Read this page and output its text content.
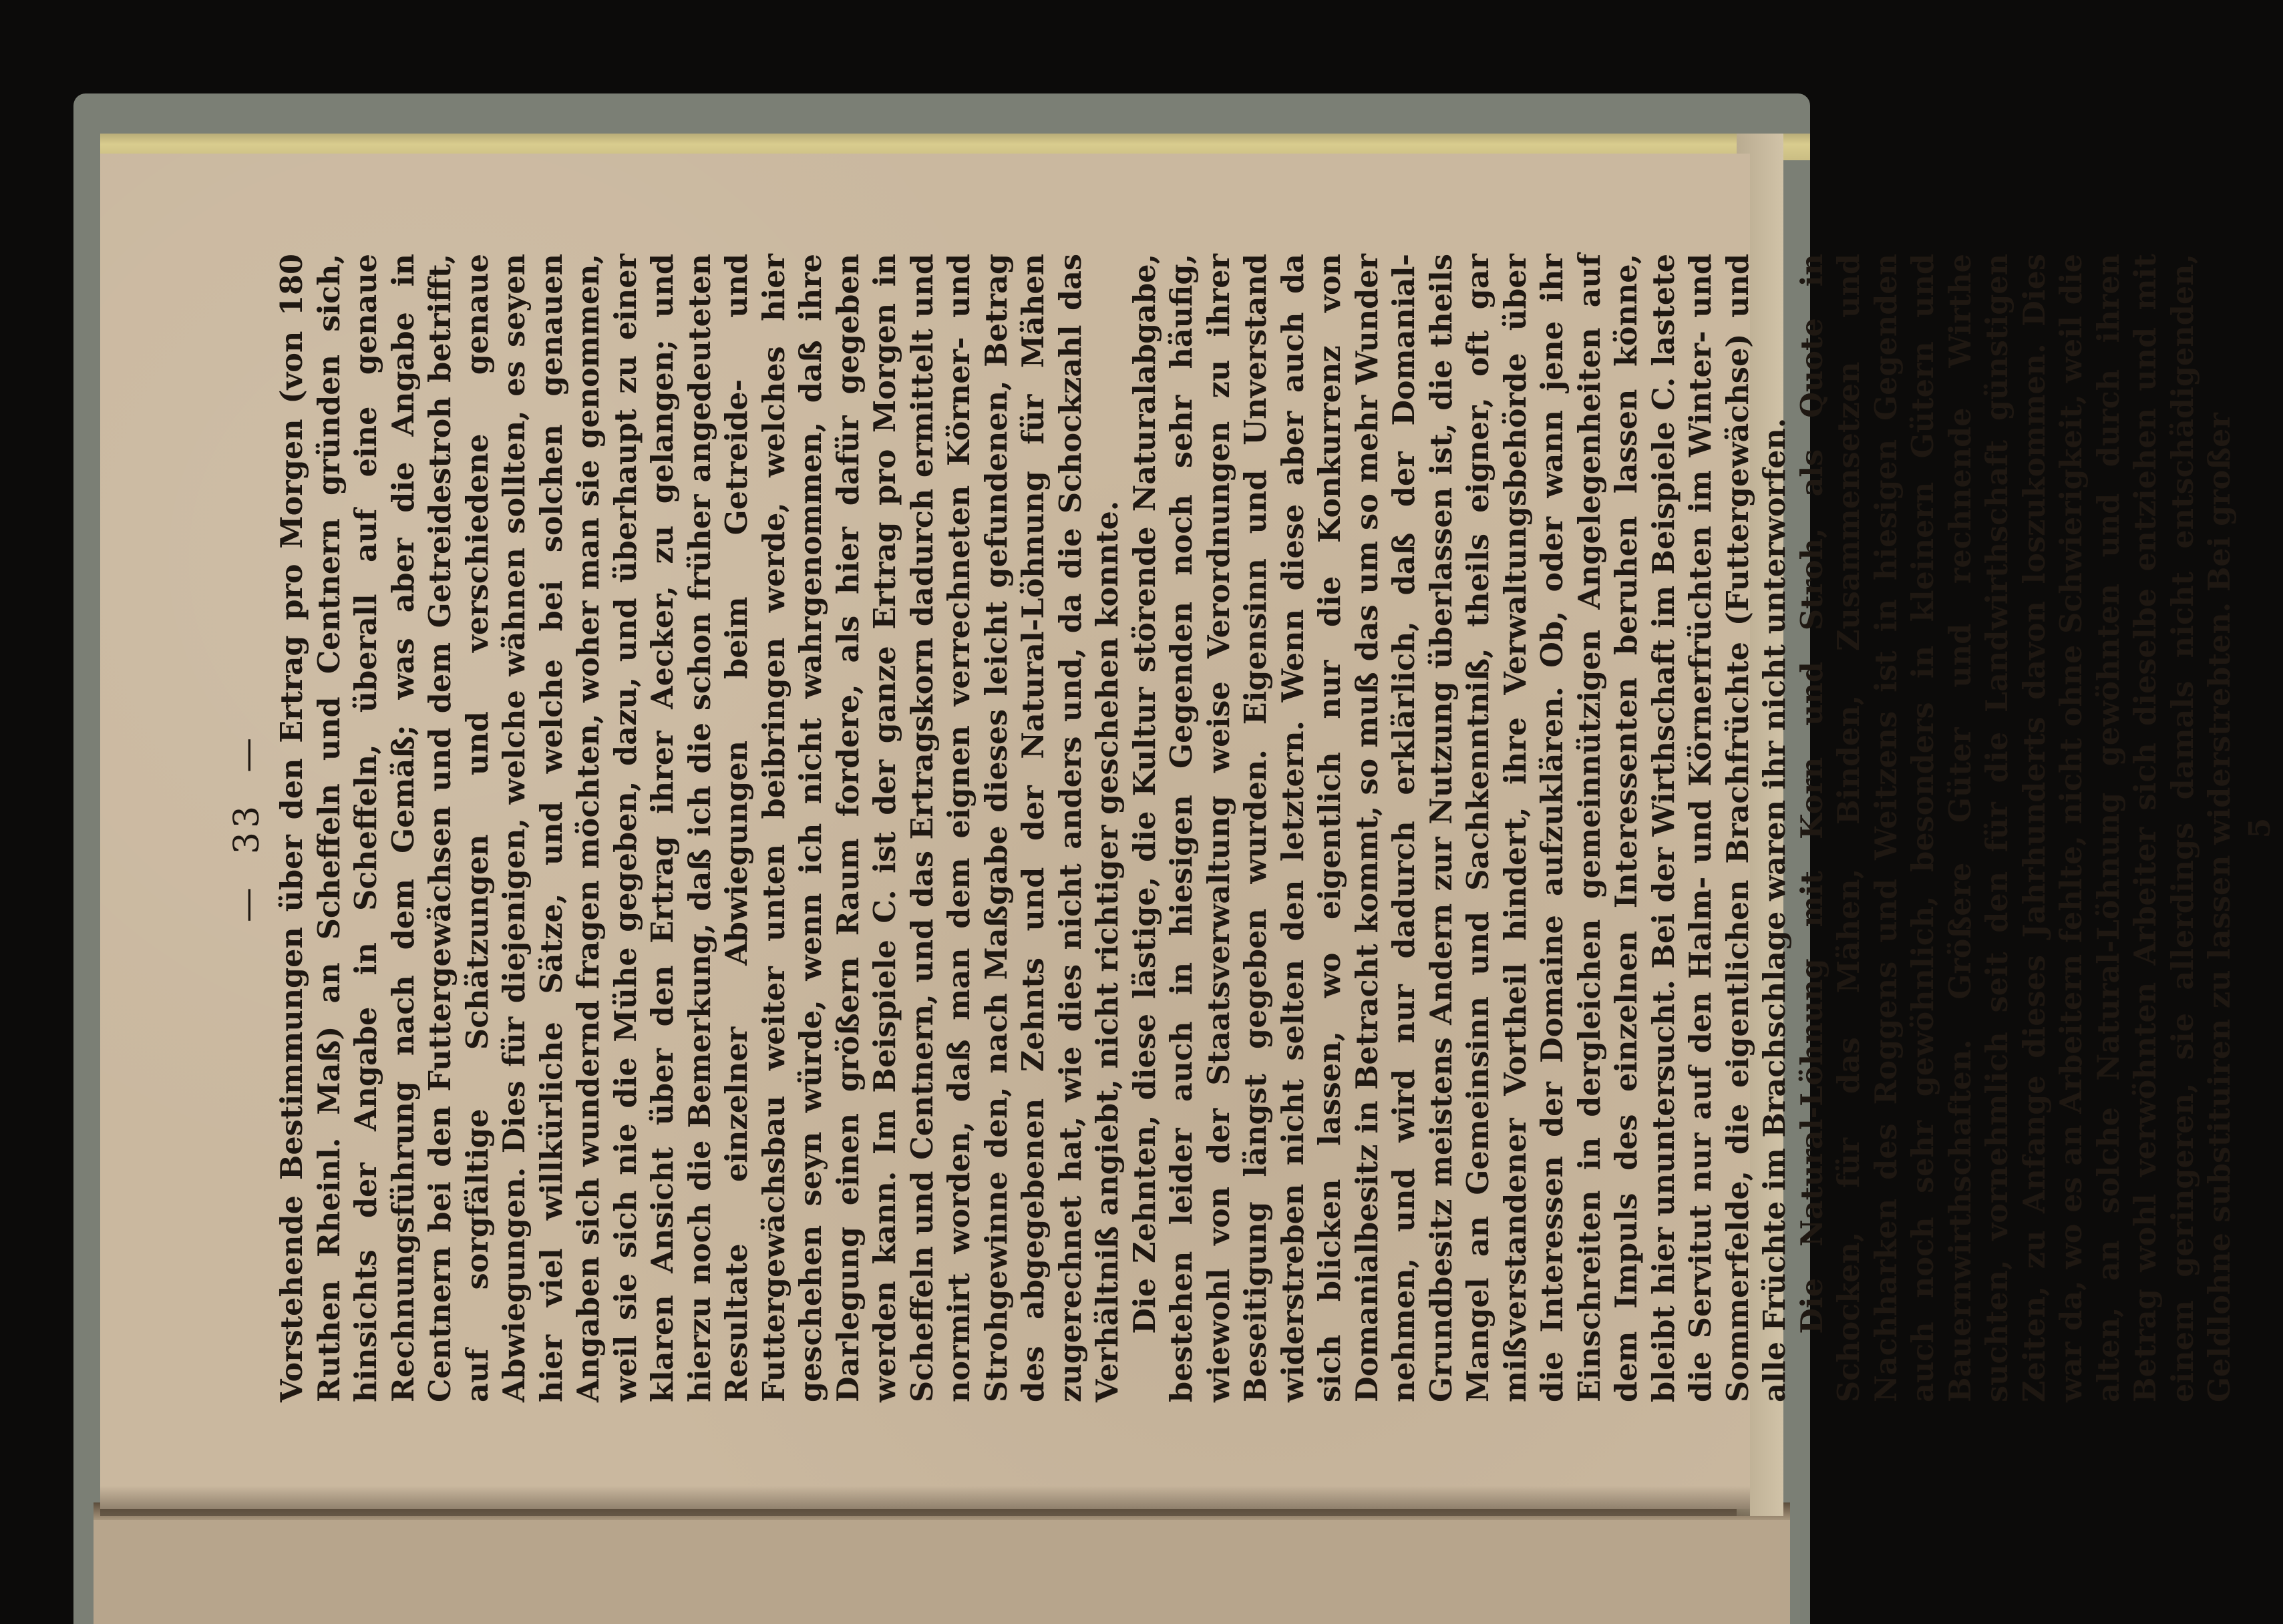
—
33
— Vorstehende Bestimmungen über den Ertrag pro Morgen (von 180 Ruthen Rheinl. Maß) an Scheffeln und Centnern gründen sich, hinsichts der Angabe in Scheffeln, überall auf eine genaue Rechnungsführung nach dem Gemäß; was aber die Angabe in Centnern bei den Futtergewächsen und dem Getreidestroh betrifft, auf sorgfältige Schätzungen und verschiedene genaue Abwiegungen. Dies für diejenigen, welche wähnen sollten, es seyen hier viel willkürliche Sätze, und welche bei solchen genauen Angaben sich wundernd fragen möchten, woher man sie genommen, weil sie sich nie die Mühe gegeben, dazu, und überhaupt zu einer klaren Ansicht über den Ertrag ihrer Aecker, zu gelangen; und hierzu noch die Bemerkung, daß ich die schon früher angedeuteten Resultate einzelner Abwiegungen beim Getreide- und Futtergewächsbau weiter unten beibringen werde, welches hier geschehen seyn würde, wenn ich nicht wahrgenommen, daß ihre Darlegung einen größern Raum fordere, als hier dafür gegeben werden kann. Im Beispiele C. ist der ganze Ertrag pro Morgen in Scheffeln und Centnern, und das Ertragskorn dadurch ermittelt und normirt worden, daß man dem eignen verrechneten Körner- und Strohgewinne den, nach Maßgabe dieses leicht gefundenen, Betrag des abgegebenen Zehnts und der Natural-Löhnung für Mähen zugerechnet hat, wie dies nicht anders und, da die Schockzahl das Verhältniß angiebt, nicht richtiger geschehen konnte. Die Zehnten, diese lästige, die Kultur störende Naturalabgabe, bestehen leider auch in hiesigen Gegenden noch sehr häufig, wiewohl von der Staatsverwaltung weise Verordnungen zu ihrer Beseitigung längst gegeben wurden. Eigensinn und Unverstand widerstreben nicht selten den letztern. Wenn diese aber auch da sich blicken lassen, wo eigentlich nur die Konkurrenz von Domanialbesitz in Betracht kommt, so muß das um so mehr Wunder nehmen, und wird nur dadurch erklärlich, daß der Domanial-Grundbesitz meistens Andern zur Nutzung überlassen ist, die theils Mangel an Gemeinsinn und Sachkenntniß, theils eigner, oft gar mißverstandener Vortheil hindert, ihre Verwaltungsbehörde über die Interessen der Domaine aufzuklären. Ob, oder wann jene ihr Einschreiten in dergleichen gemeinnützigen Angelegenheiten auf dem Impuls des einzelnen Interessenten beruhen lassen könne, bleibt hier ununtersucht. Bei der Wirthschaft im Beispiele C. lastete die Servitut nur auf den Halm- und Körnerfrüchten im Winter- und Sommerfelde, die eigentlichen Brachfrüchte (Futtergewächse) und alle Früchte im Brachschlage waren ihr nicht unterworfen. Die Natural-Löhnung mit Korn und Stroh, als Quote in Schocken, für das Mähen, Binden, Zusammensetzen und Nachharken des Roggens und Weitzens ist in hiesigen Gegenden auch noch sehr gewöhnlich, besonders in kleinern Gütern und Bauernwirthschaften. Größere Güter und rechnende Wirthe suchten, vornehmlich seit den für die Landwirthschaft günstigen Zeiten, zu Anfange dieses Jahrhunderts davon loszukommen. Dies war da, wo es an Arbeitern fehlte, nicht ohne Schwierigkeit, weil die alten, an solche Natural-Löhnung gewöhnten und durch ihren Betrag wohl verwöhnten Arbeiter sich dieselbe entziehen und mit einem geringeren, sie allerdings damals nicht entschädigenden, Geldlohne substituiren zu lassen widerstrebten. Bei großer 5
